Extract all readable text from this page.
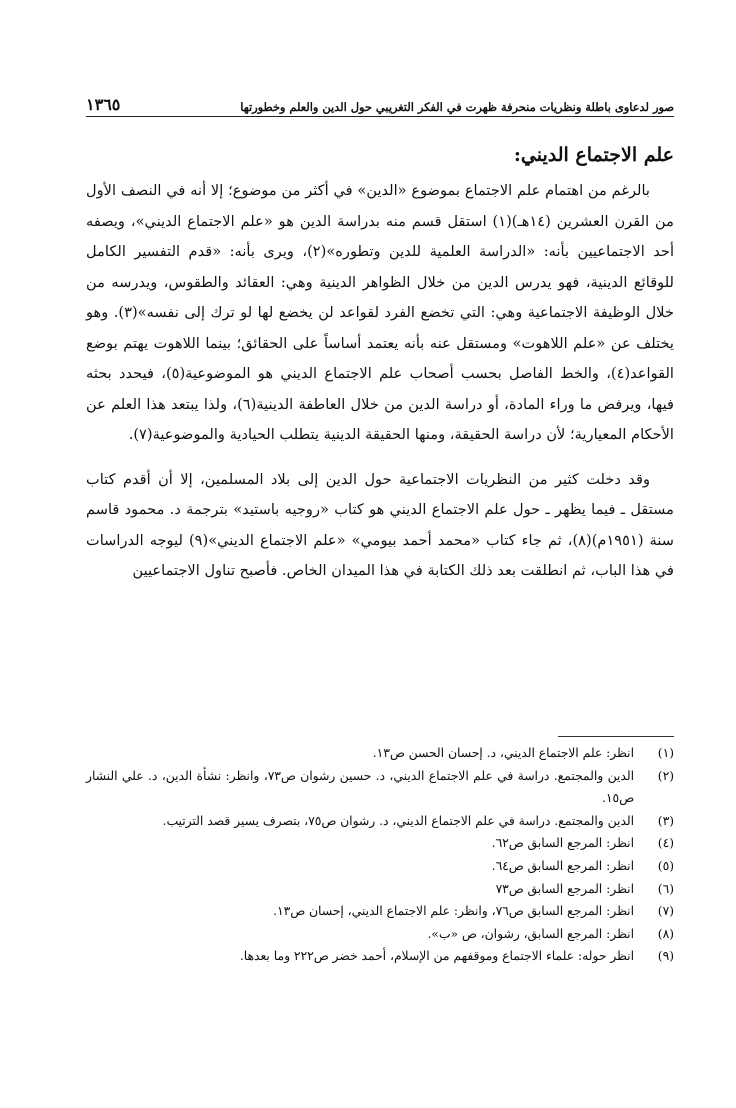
صور لدعاوى باطلة ونظريات منحرفة ظهرت في الفكر التغريبي حول الدين والعلم وخطورتها
١٣٦٥
علم الاجتماع الديني:

بالرغم من اهتمام علم الاجتماع بموضوع «الدين» في أكثر من موضوع؛ إلا أنه في النصف الأول من القرن العشرين (١٤هـ)(١) استقل قسم منه بدراسة الدين هو «علم الاجتماع الديني»، ويصفه أحد الاجتماعيين بأنه: «الدراسة العلمية للدين وتطوره»(٢)، ويرى بأنه: «قدم التفسير الكامل للوقائع الدينية، فهو يدرس الدين من خلال الظواهر الدينية وهي: العقائد والطقوس، ويدرسه من خلال الوظيفة الاجتماعية وهي: التي تخضع الفرد لقواعد لن يخضع لها لو ترك إلى نفسه»(٣). وهو يختلف عن «علم اللاهوت» ومستقل عنه بأنه يعتمد أساساً على الحقائق؛ بينما اللاهوت يهتم بوضع القواعد(٤)، والخط الفاصل بحسب أصحاب علم الاجتماع الديني هو الموضوعية(٥)، فيحدد بحثه فيها، ويرفض ما وراء المادة، أو دراسة الدين من خلال العاطفة الدينية(٦)، ولذا يبتعد هذا العلم عن الأحكام المعيارية؛ لأن دراسة الحقيقة، ومنها الحقيقة الدينية يتطلب الحيادية والموضوعية(٧).

وقد دخلت كثير من النظريات الاجتماعية حول الدين إلى بلاد المسلمين، إلا أن أقدم كتاب مستقل ـ فيما يظهر ـ حول علم الاجتماع الديني هو كتاب «روجيه باستيد» بترجمة د. محمود قاسم سنة (١٩٥١م)(٨)، ثم جاء كتاب «محمد أحمد بيومي» «علم الاجتماع الديني»(٩) ليوجه الدراسات في هذا الباب، ثم انطلقت بعد ذلك الكتابة في هذا الميدان الخاص. فأصبح تناول الاجتماعيين

(١)
انظر: علم الاجتماع الديني، د. إحسان الحسن ص١٣.
(٢)
الدين والمجتمع. دراسة في علم الاجتماع الديني، د. حسين رشوان ص٧٣، وانظر: نشأة الدين، د. علي النشار ص١٥.
(٣)
الدين والمجتمع. دراسة في علم الاجتماع الديني، د. رشوان ص٧٥، بتصرف يسير قصد الترتيب.
(٤)
انظر: المرجع السابق ص٦٢.
(٥)
انظر: المرجع السابق ص٦٤.
(٦)
انظر: المرجع السابق ص٧٣
(٧)
انظر: المرجع السابق ص٧٦، وانظر: علم الاجتماع الديني، إحسان ص١٣.
(٨)
انظر: المرجع السابق، رشوان، ص «ب».
(٩)
انظر حوله: علماء الاجتماع وموقفهم من الإسلام، أحمد خضر ص٢٢٢ وما بعدها.
